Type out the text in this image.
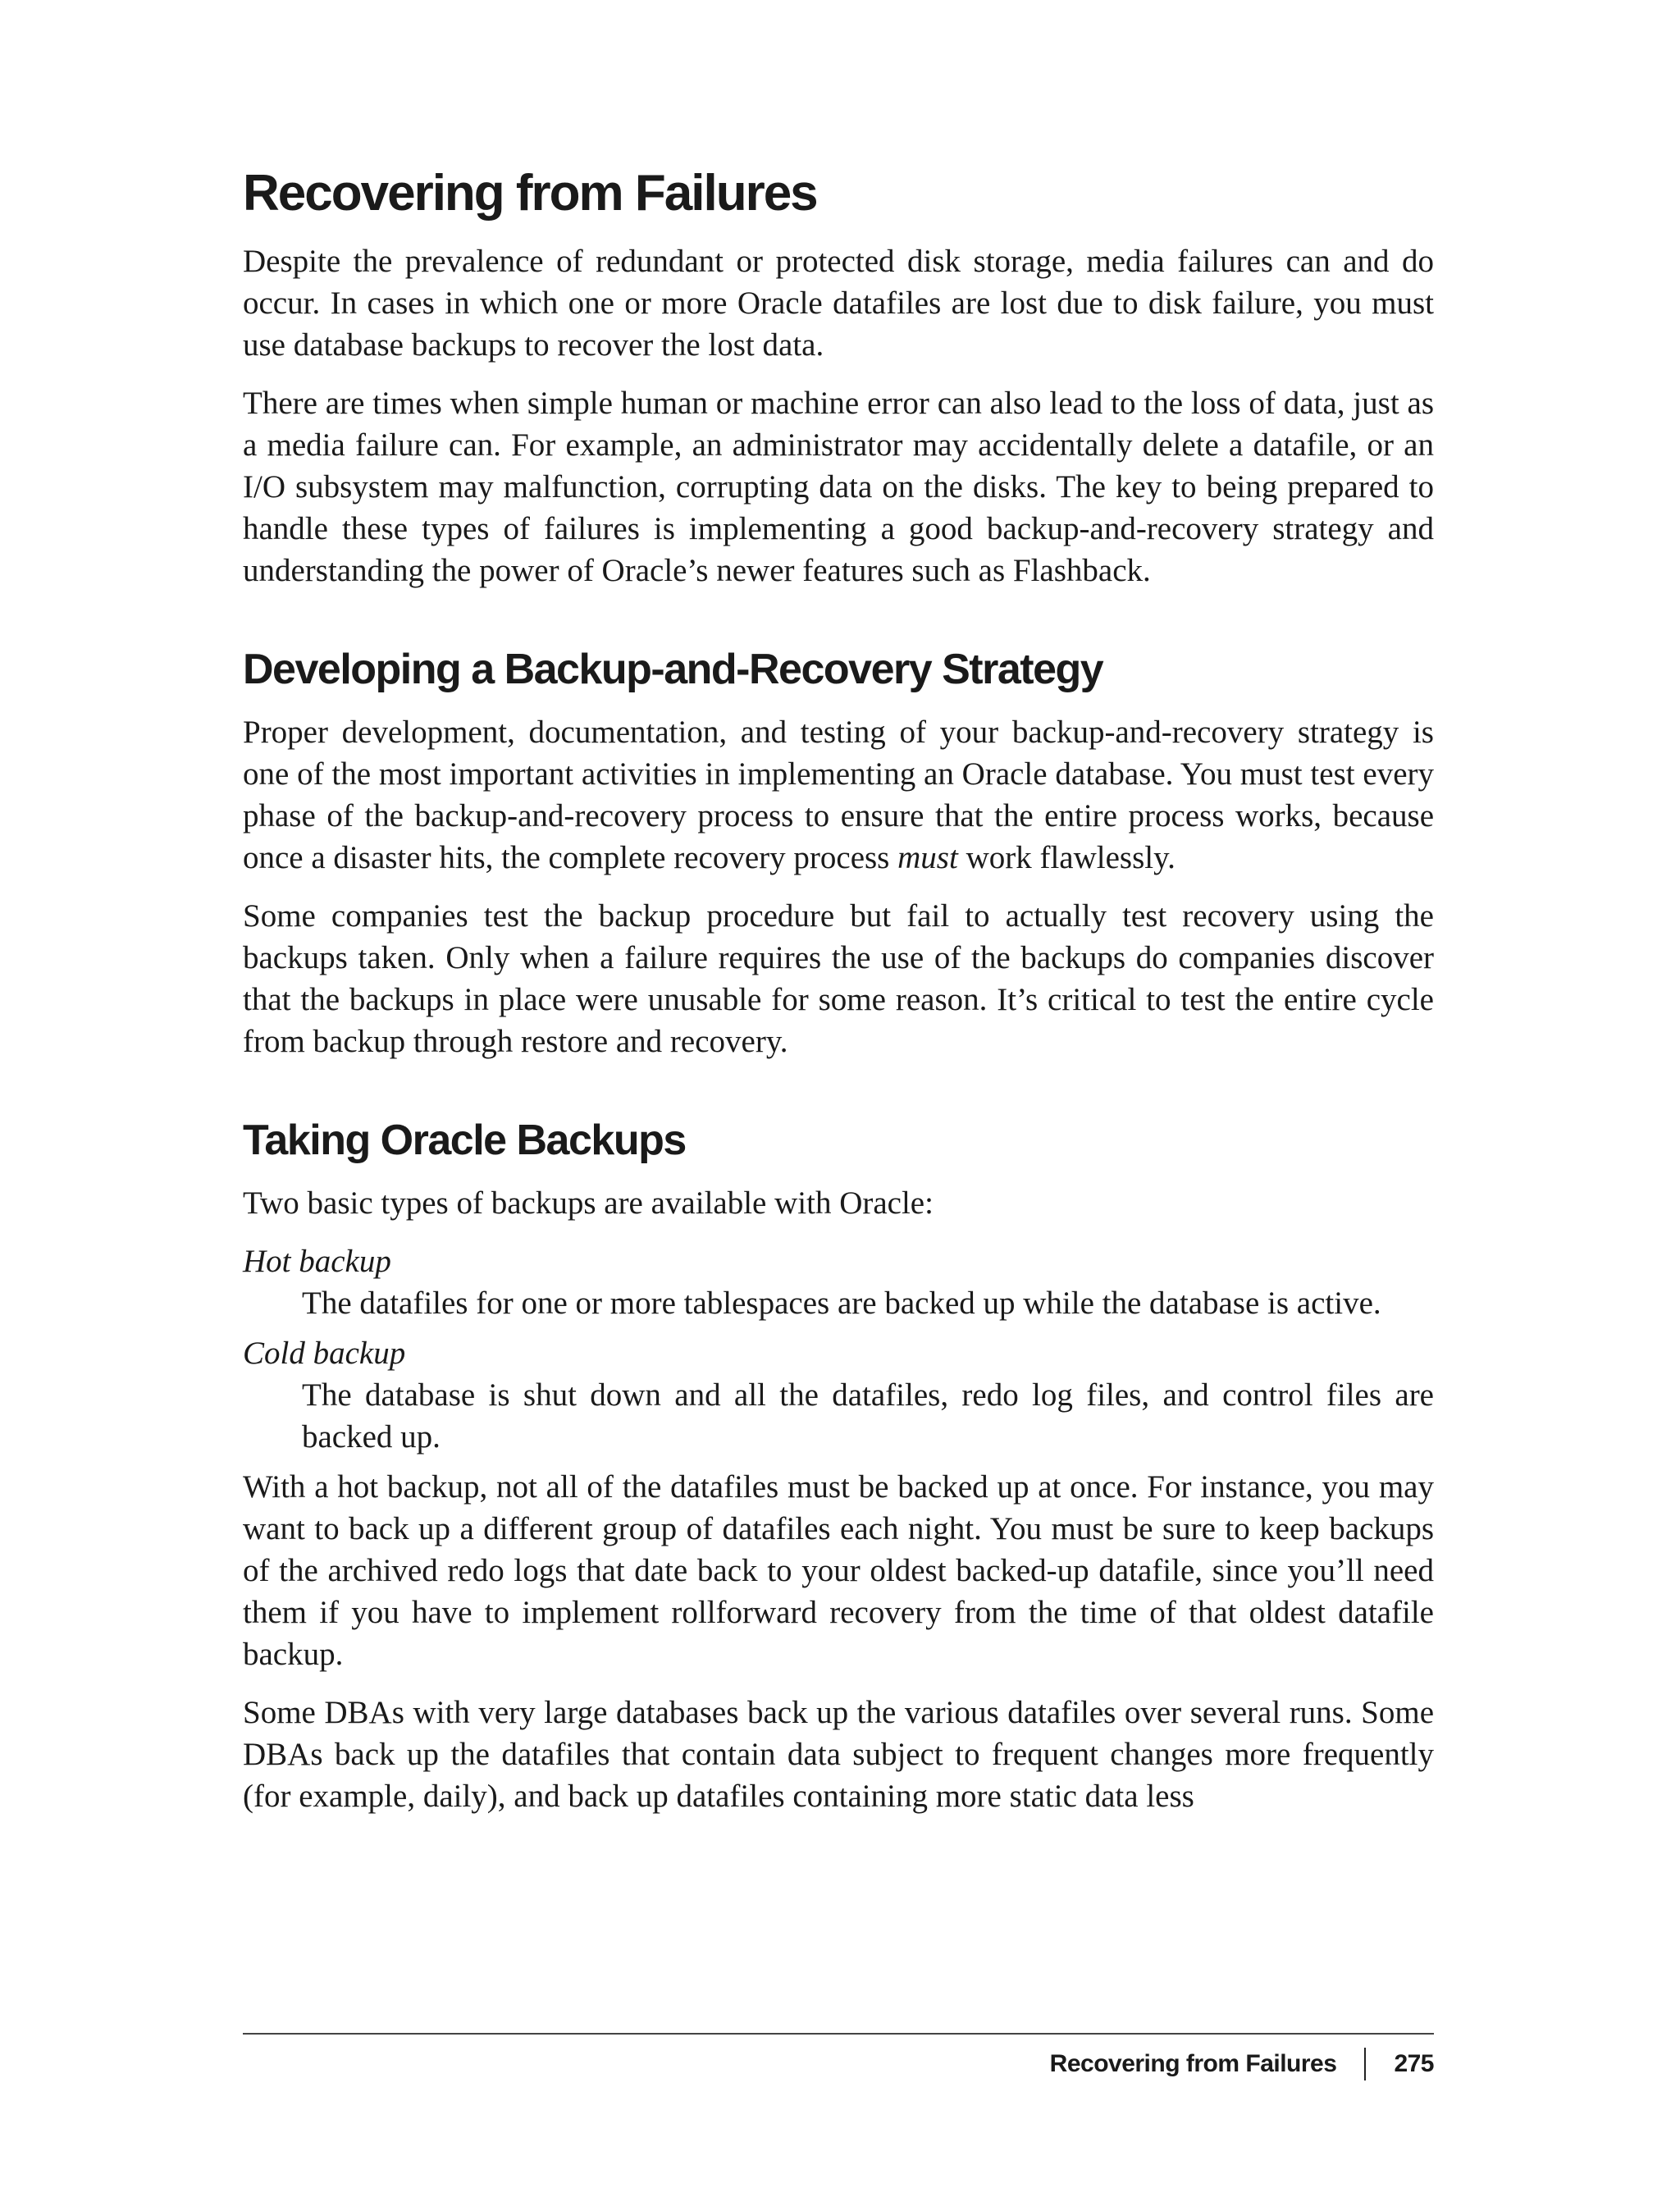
Recovering from Failures

Despite the prevalence of redundant or protected disk storage, media failures can and do occur. In cases in which one or more Oracle datafiles are lost due to disk failure, you must use database backups to recover the lost data.

There are times when simple human or machine error can also lead to the loss of data, just as a media failure can. For example, an administrator may accidentally delete a datafile, or an I/O subsystem may malfunction, corrupting data on the disks. The key to being prepared to handle these types of failures is implementing a good backup-and-recovery strategy and understanding the power of Oracle’s newer features such as Flashback.

Developing a Backup-and-Recovery Strategy

Proper development, documentation, and testing of your backup-and-recovery strategy is one of the most important activities in implementing an Oracle database. You must test every phase of the backup-and-recovery process to ensure that the entire process works, because once a disaster hits, the complete recovery process must work flawlessly.

Some companies test the backup procedure but fail to actually test recovery using the backups taken. Only when a failure requires the use of the backups do companies discover that the backups in place were unusable for some reason. It’s critical to test the entire cycle from backup through restore and recovery.

Taking Oracle Backups

Two basic types of backups are available with Oracle:

Hot backup
The datafiles for one or more tablespaces are backed up while the database is active.
Cold backup
The database is shut down and all the datafiles, redo log files, and control files are backed up.

With a hot backup, not all of the datafiles must be backed up at once. For instance, you may want to back up a different group of datafiles each night. You must be sure to keep backups of the archived redo logs that date back to your oldest backed-up datafile, since you’ll need them if you have to implement rollforward recovery from the time of that oldest datafile backup.

Some DBAs with very large databases back up the various datafiles over several runs. Some DBAs back up the datafiles that contain data subject to frequent changes more frequently (for example, daily), and back up datafiles containing more static data less

Recovering from Failures 275
